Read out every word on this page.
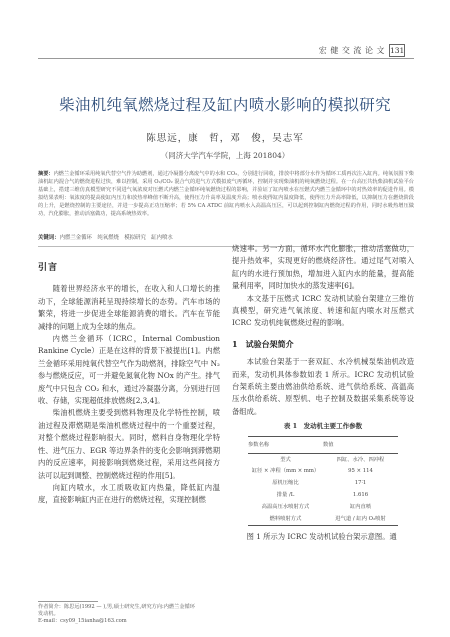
宏 健 交 流 论 文 131
柴油机纯氧燃烧过程及缸内喷水影响的模拟研究
陈思远，康　哲，邓　俊，吴志军
（同济大学汽车学院，上海 201804）
摘要：内燃兰金循环采用纯氧代替空气作为助燃剂，通过冷凝器分离废气中的水和 CO₂，分别进行回收，排放中将部分水作为循环工质再次注入缸内。纯氧氛围下柴油机缸内混合气的燃烧进程过快，难以控制，采用 O₂/CO₂ 混合气的进气方式模拟废气再循环，控制并实现柴油机的纯氧燃烧过程。在一台高压共轨柴油机试验平台基础上，搭建三维仿真模型研究不同进气氧浓度对压燃式内燃兰金循环纯氧燃烧过程的影响，并验证了缸内喷水在压燃式内燃兰金循环中的对热效率的促进作用。模拟结果表明：氧浓度的提高使缸内压力和放热率峰值不断升高，使得压力升高率及温度升高；喷水使得缸内温度降低，使得压力升高率降低，以抑制压力在燃烧阶段的上升，是燃烧控制的主要途径，并进一步提高正功压缩率；若 5% CA ATDC 前缸内喷水入高温高压区，可以起到控制缸内燃烧过程的作用，同时水吸热增压做功，汽化膨胀，推动活塞做功，提高系统热效率。
关键词：内燃兰金循环　纯氧燃烧　模拟研究　缸内喷水
引言

随着世界经济水平的增长，在收入和人口增长的推动下，全球能源消耗呈现持续增长的态势。汽车市场的繁荣，将进一步促进全球能源消费的增长。汽车在节能减排的问题上成为全球的焦点。

内燃兰金循环（ICRC，Internal Combustion Rankine Cycle）正是在这样的背景下被提出[1]。内燃兰金循环采用纯氧代替空气作为助燃剂，排除空气中 N₂ 参与燃烧反应，可一并避免氮氧化物 NOx 的产生。排气废气中只包含 CO₂ 和水，通过冷凝器分离，分别进行回收、存储，实现超低排放燃烧[2,3,4]。

柴油机燃烧主要受到燃料物理及化学特性控制，喷油过程及滞燃期是柴油机燃烧过程中的一个重要过程，对整个燃烧过程影响很大。同时，燃料自身物理化学特性、进气压力、EGR 等边界条件的变化会影响到滞燃期内的反应速率，间接影响到燃烧过程，采用这些间接方法可以起到调整、控制燃烧过程的作用[5]。

向缸内喷水，水工质吸收缸内热量，降低缸内温度，直接影响缸内正在进行的燃烧过程，实现控制燃

烧速率。另一方面，循环水汽化膨胀，推动活塞做功，提升热效率，实现更好的燃烧经济性。通过尾气对喷入缸内的水进行预加热，增加进入缸内水的能量，提高能量利用率，同时加快水的蒸发速率[6]。

本文基于压燃式 ICRC 发动机试验台架建立三维仿真模型，研究进气氧浓度、转速和缸内喷水对压燃式 ICRC 发动机纯氧燃烧过程的影响。

1　试验台架简介

本试验台架基于一套双缸、水冷机械泵柴油机改造而来，发动机具体参数如表 1 所示。ICRC 发动机试验台架系统主要由燃油供给系统、进气供给系统、高温高压水供给系统、原型机、电子控制及数据采集系统等设备组成。

表 1　发动机主要工作参数
参数名称	数值
型式	四缸、水冷、四冲程
缸径 × 冲程（mm × mm）	95 × 114
原机压缩比	17∶1
排量 /L	1.616
高温高压水喷射方式	缸内直喷
燃料喷射方式	进气道 / 缸内 O₂喷射

图 1 所示为 ICRC 发动机试验台架示意图。通

作者简介：陈思远(1992 — ),男,硕士研究生,研究方向:内燃兰金循环
发动机。
E-mail：csy09_15ianha@163.com
